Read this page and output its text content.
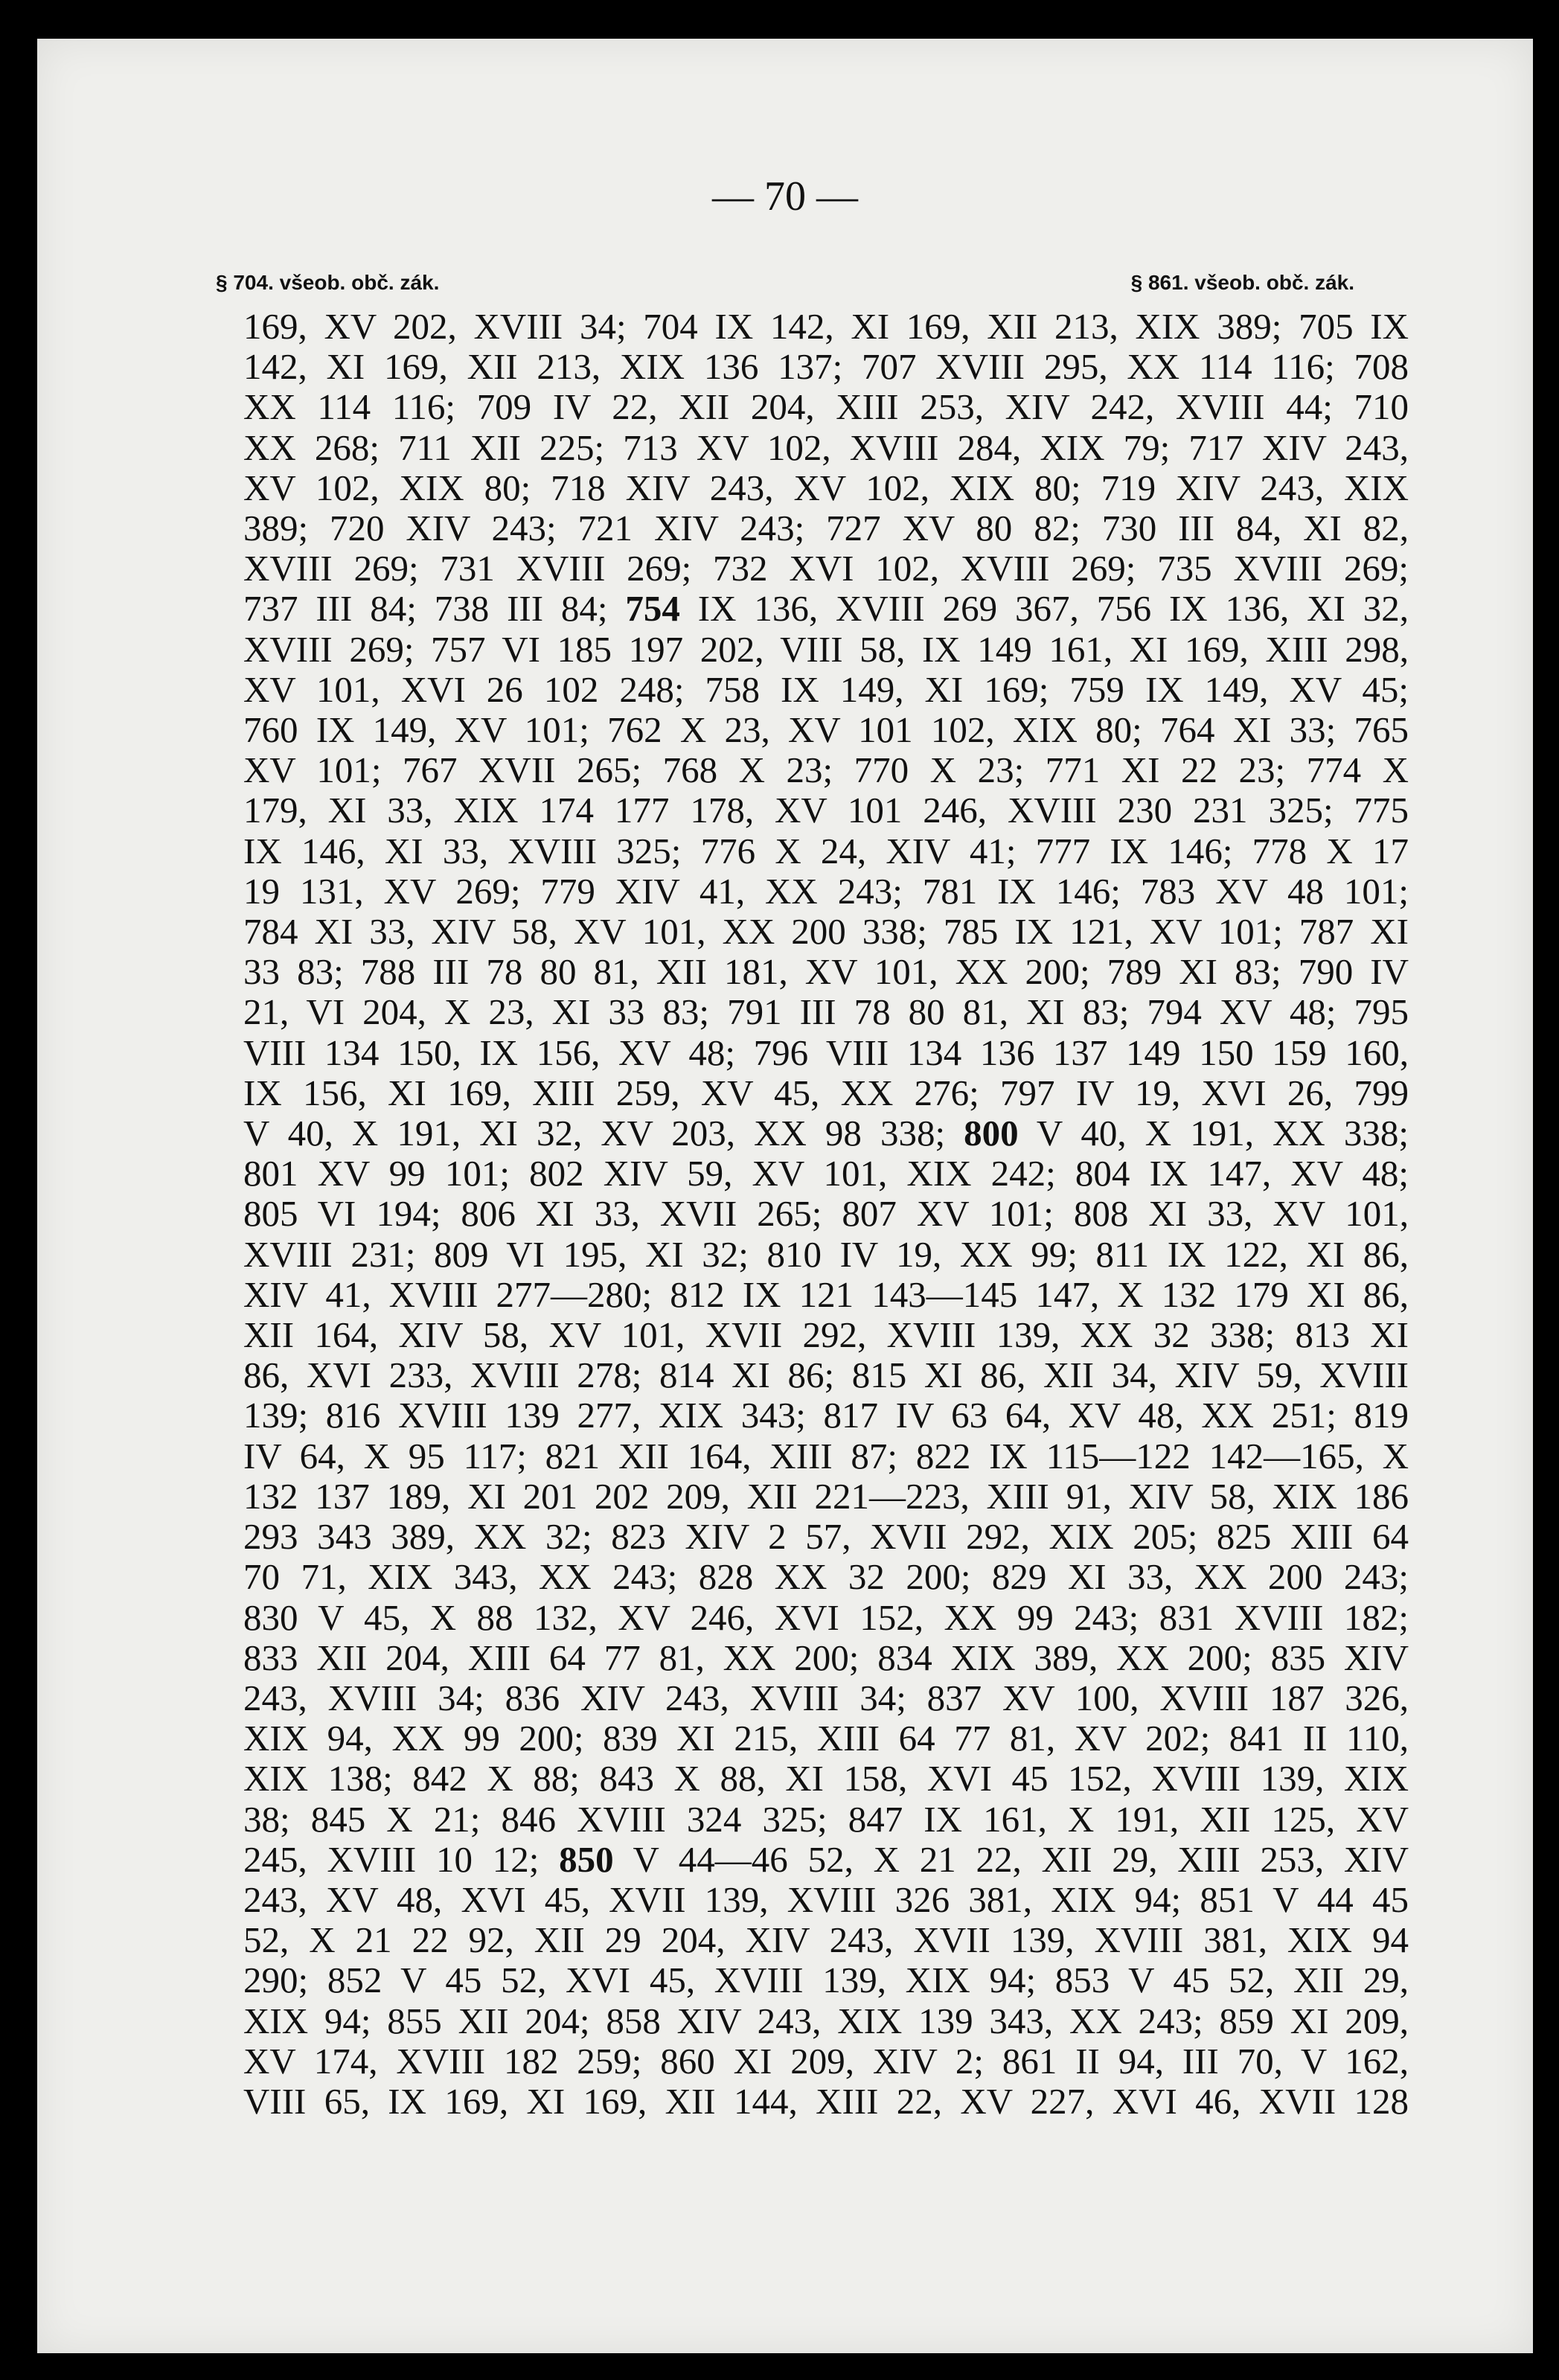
— 70 —
§ 704. všeob. obč. zák.	§ 861. všeob. obč. zák.
169, XV 202, XVIII 34; 704 IX 142, XI 169, XII 213, XIX 389; 705 IX
142, XI 169, XII 213, XIX 136 137; 707 XVIII 295, XX 114 116; 708
XX 114 116; 709 IV 22, XII 204, XIII 253, XIV 242, XVIII 44; 710
XX 268; 711 XII 225; 713 XV 102, XVIII 284, XIX 79; 717 XIV 243,
XV 102, XIX 80; 718 XIV 243, XV 102, XIX 80; 719 XIV 243, XIX
389; 720 XIV 243; 721 XIV 243; 727 XV 80 82; 730 III 84, XI 82,
XVIII 269; 731 XVIII 269; 732 XVI 102, XVIII 269; 735 XVIII 269;
737 III 84; 738 III 84; 754 IX 136, XVIII 269 367, 756 IX 136, XI 32,
XVIII 269; 757 VI 185 197 202, VIII 58, IX 149 161, XI 169, XIII 298,
XV 101, XVI 26 102 248; 758 IX 149, XI 169; 759 IX 149, XV 45;
760 IX 149, XV 101; 762 X 23, XV 101 102, XIX 80; 764 XI 33; 765
XV 101; 767 XVII 265; 768 X 23; 770 X 23; 771 XI 22 23; 774 X
179, XI 33, XIX 174 177 178, XV 101 246, XVIII 230 231 325; 775
IX 146, XI 33, XVIII 325; 776 X 24, XIV 41; 777 IX 146; 778 X 17
19 131, XV 269; 779 XIV 41, XX 243; 781 IX 146; 783 XV 48 101;
784 XI 33, XIV 58, XV 101, XX 200 338; 785 IX 121, XV 101; 787 XI
33 83; 788 III 78 80 81, XII 181, XV 101, XX 200; 789 XI 83; 790 IV
21, VI 204, X 23, XI 33 83; 791 III 78 80 81, XI 83; 794 XV 48; 795
VIII 134 150, IX 156, XV 48; 796 VIII 134 136 137 149 150 159 160,
IX 156, XI 169, XIII 259, XV 45, XX 276; 797 IV 19, XVI 26, 799
V 40, X 191, XI 32, XV 203, XX 98 338; 800 V 40, X 191, XX 338;
801 XV 99 101; 802 XIV 59, XV 101, XIX 242; 804 IX 147, XV 48;
805 VI 194; 806 XI 33, XVII 265; 807 XV 101; 808 XI 33, XV 101,
XVIII 231; 809 VI 195, XI 32; 810 IV 19, XX 99; 811 IX 122, XI 86,
XIV 41, XVIII 277—280; 812 IX 121 143—145 147, X 132 179 XI 86,
XII 164, XIV 58, XV 101, XVII 292, XVIII 139, XX 32 338; 813 XI
86, XVI 233, XVIII 278; 814 XI 86; 815 XI 86, XII 34, XIV 59, XVIII
139; 816 XVIII 139 277, XIX 343; 817 IV 63 64, XV 48, XX 251; 819
IV 64, X 95 117; 821 XII 164, XIII 87; 822 IX 115—122 142—165, X
132 137 189, XI 201 202 209, XII 221—223, XIII 91, XIV 58, XIX 186
293 343 389, XX 32; 823 XIV 2 57, XVII 292, XIX 205; 825 XIII 64
70 71, XIX 343, XX 243; 828 XX 32 200; 829 XI 33, XX 200 243;
830 V 45, X 88 132, XV 246, XVI 152, XX 99 243; 831 XVIII 182;
833 XII 204, XIII 64 77 81, XX 200; 834 XIX 389, XX 200; 835 XIV
243, XVIII 34; 836 XIV 243, XVIII 34; 837 XV 100, XVIII 187 326,
XIX 94, XX 99 200; 839 XI 215, XIII 64 77 81, XV 202; 841 II 110,
XIX 138; 842 X 88; 843 X 88, XI 158, XVI 45 152, XVIII 139, XIX
38; 845 X 21; 846 XVIII 324 325; 847 IX 161, X 191, XII 125, XV
245, XVIII 10 12; 850 V 44—46 52, X 21 22, XII 29, XIII 253, XIV
243, XV 48, XVI 45, XVII 139, XVIII 326 381, XIX 94; 851 V 44 45
52, X 21 22 92, XII 29 204, XIV 243, XVII 139, XVIII 381, XIX 94
290; 852 V 45 52, XVI 45, XVIII 139, XIX 94; 853 V 45 52, XII 29,
XIX 94; 855 XII 204; 858 XIV 243, XIX 139 343, XX 243; 859 XI 209,
XV 174, XVIII 182 259; 860 XI 209, XIV 2; 861 II 94, III 70, V 162,
VIII 65, IX 169, XI 169, XII 144, XIII 22, XV 227, XVI 46, XVII 128
